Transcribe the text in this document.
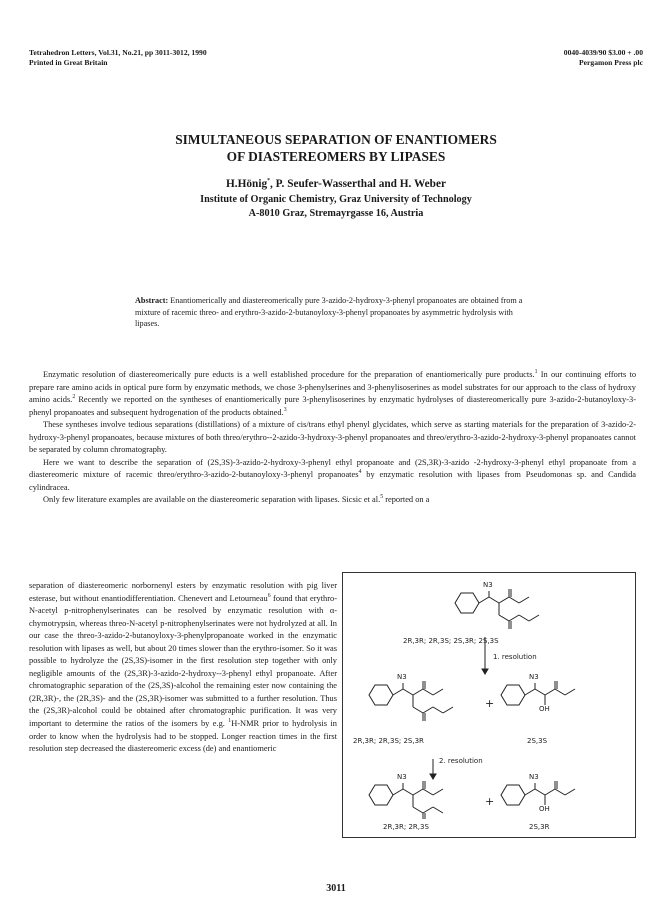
Tetrahedron Letters, Vol.31, No.21, pp 3011-3012, 1990
Printed in Great Britain
0040-4039/90 $3.00 + .00
Pergamon Press plc
SIMULTANEOUS SEPARATION OF ENANTIOMERS
OF DIASTEREOMERS BY LIPASES
H.Hönig*, P. Seufer-Wasserthal and H. Weber
Institute of Organic Chemistry, Graz University of Technology
A-8010 Graz, Stremayrgasse 16, Austria
Abstract: Enantiomerically and diastereomerically pure 3-azido-2-hydroxy-3-phenyl propanoates are obtained from a mixture of racemic threo- and erythro-3-azido-2-butanoyloxy-3-phenyl propanoates by asymmetric hydrolysis with lipases.

Enzymatic resolution of diastereomerically pure educts is a well established procedure for the preparation of enantiomerically pure products.$^1$ In our continuing efforts to prepare rare amino acids in optical pure form by enzymatic methods, we chose 3-phenylserines and 3-phenylisoserines as model substrates for our approach to the class of hydroxy amino acids.$^2$ Recently we reported on the syntheses of enantiomerically pure 3-phenylisoserines by enzymatic hydrolyses of diastereomerically pure 3-azido-2-butanoyloxy-3-phenyl propanoates and subsequent hydrogenation of the products obtained.$^3$

These syntheses involve tedious separations (distillations) of a mixture of cis/trans ethyl phenyl glycidates, which serve as starting materials for the preparation of 3-azido-2-hydroxy-3-phenyl propanoates, because mixtures of both threo/erythro--2-azido-3-hydroxy-3-phenyl propanoates and threo/erythro-3-azido-2-hydroxy-3-phenyl propanoates cannot be separated by column chromatography.

Here we want to describe the separation of (2S,3S)-3-azido-2-hydroxy-3-phenyl ethyl propanoate and (2S,3R)-3-azido -2-hydroxy-3-phenyl ethyl propanoate from a diastereomeric mixture of racemic threo/erythro-3-azido-2-butanoyloxy-3-phenyl propanoates$^4$ by enzymatic resolution with lipases from Pseudomonas sp. and Candida cylindracea.

Only few literature examples are available on the diastereomeric separation with lipases. Sicsic et al.$^5$ reported on a

separation of diastereomeric norbornenyl esters by enzymatic resolution with pig liver esterase, but without enantiodifferentiation. Chenevert and Letourneau$^6$ found that erythro-N-acetyl p-nitrophenylserinates can be resolved by enzymatic resolution with α-chymotrypsin, whereas threo-N-acetyl p-nitrophenylserinates were not hydrolyzed at all. In our case the threo-3-azido-2-butanoyloxy-3-phenylpropanoate worked in the enzymatic resolution with lipases as well, but about 20 times slower than the erythro-isomer. So it was possible to hydrolyze the (2S,3S)-isomer in the first resolution step together with only negligible amounts of the (2S,3R)-3-azido-2-hydroxy--3-phenyl ethyl propanoate. After chromatographic separation of the (2S,3S)-alcohol the remaining ester now containing the (2R,3R)-, the (2R,3S)- and the (2S,3R)-isomer was submitted to a further resolution. Thus the (2S,3R)-alcohol could be obtained after chromatographic purification. It was very important to determine the ratios of the isomers by e.g. $^1$H-NMR prior to hydrolysis in order to know when the hydrolysis had to be stopped. Longer reaction times in the first resolution step decreased the diastereomeric excess (de) and enantiomeric

N3
2R,3R; 2R,3S; 2S,3R; 2S,3S
1. resolution
N3
+
N3
OH
2R,3R; 2R,3S; 2S,3R	2S,3S
2. resolution
N3
+
N3
OH
2R,3R; 2R,3S	2S,3R
3011
